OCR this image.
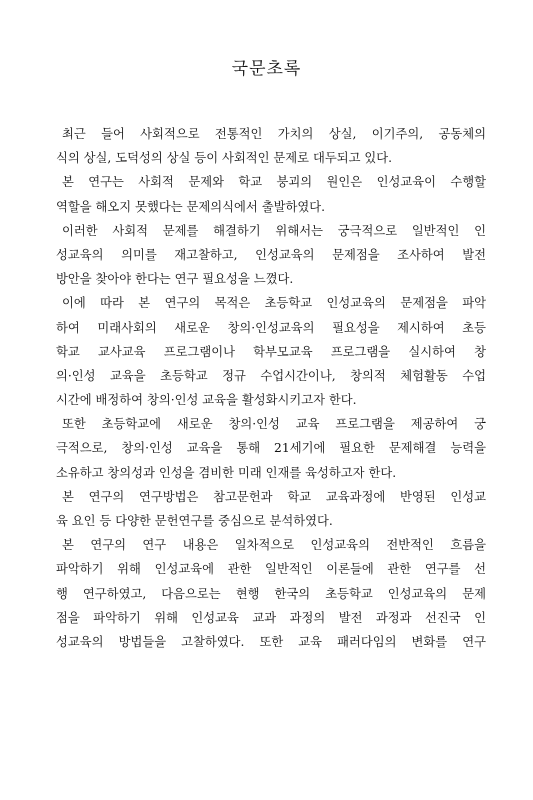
국문초록
최근 들어 사회적으로 전통적인 가치의 상실, 이기주의, 공동체의
식의 상실, 도덕성의 상실 등이 사회적인 문제로 대두되고 있다.
본 연구는 사회적 문제와 학교 붕괴의 원인은 인성교육이 수행할
역할을 해오지 못했다는 문제의식에서 출발하였다.
이러한 사회적 문제를 해결하기 위해서는 궁극적으로 일반적인 인
성교육의 의미를 재고찰하고, 인성교육의 문제점을 조사하여 발전
방안을 찾아야 한다는 연구 필요성을 느꼈다.
이에 따라 본 연구의 목적은 초등학교 인성교육의 문제점을 파악
하여 미래사회의 새로운 창의·인성교육의 필요성을 제시하여 초등
학교 교사교육 프로그램이나 학부모교육 프로그램을 실시하여 창
의·인성 교육을 초등학교 정규 수업시간이나, 창의적 체험활동 수업
시간에 배정하여 창의·인성 교육을 활성화시키고자 한다.
또한 초등학교에 새로운 창의·인성 교육 프로그램을 제공하여 궁
극적으로, 창의·인성 교육을 통해 21세기에 필요한 문제해결 능력을
소유하고 창의성과 인성을 겸비한 미래 인재를 육성하고자 한다.
본 연구의 연구방법은 참고문헌과 학교 교육과정에 반영된 인성교
육 요인 등 다양한 문헌연구를 중심으로 분석하였다.
본 연구의 연구 내용은 일차적으로 인성교육의 전반적인 흐름을
파악하기 위해 인성교육에 관한 일반적인 이론들에 관한 연구를 선
행 연구하였고, 다음으로는 현행 한국의 초등학교 인성교육의 문제
점을 파악하기 위해 인성교육 교과 과정의 발전 과정과 선진국 인
성교육의 방법들을 고찰하였다. 또한 교육 패러다임의 변화를 연구
